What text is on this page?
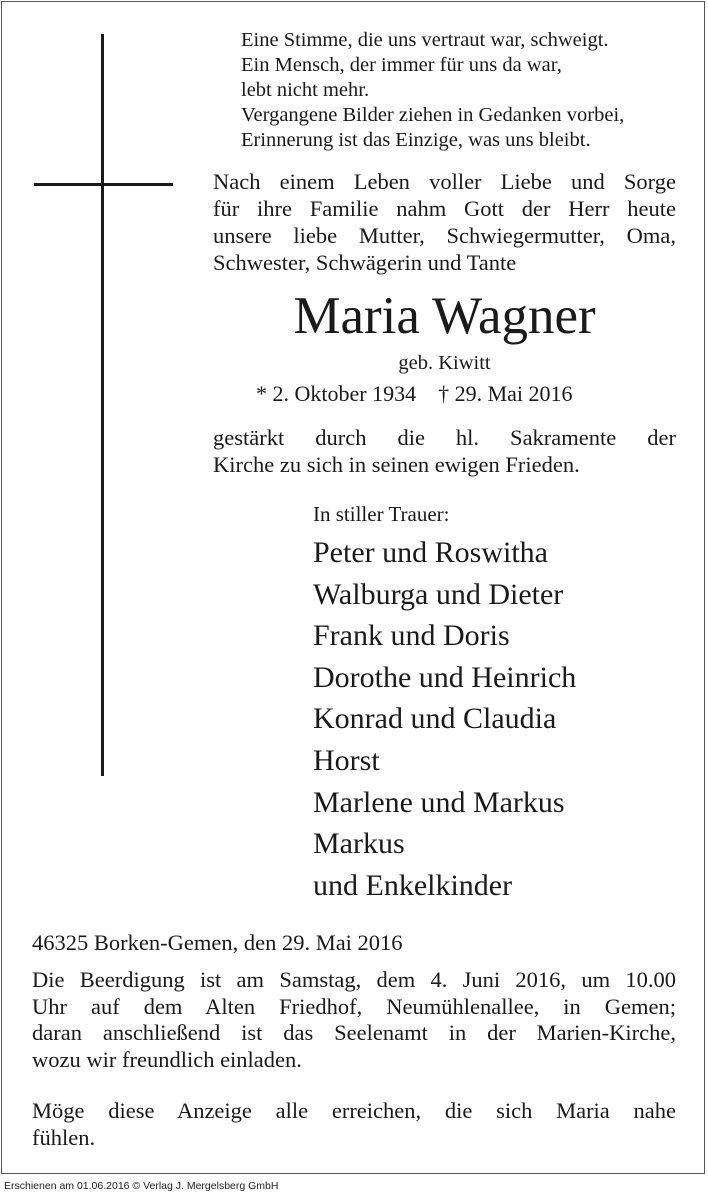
Eine Stimme, die uns vertraut war, schweigt.
Ein Mensch, der immer für uns da war,
lebt nicht mehr.
Vergangene Bilder ziehen in Gedanken vorbei,
Erinnerung ist das Einzige, was uns bleibt.
Nach einem Leben voller Liebe und Sorge
für ihre Familie nahm Gott der Herr heute
unsere liebe Mutter, Schwiegermutter, Oma,
Schwester, Schwägerin und Tante
Maria Wagner
geb. Kiwitt
* 2. Oktober 1934 † 29. Mai 2016
gestärkt durch die hl. Sakramente der
Kirche zu sich in seinen ewigen Frieden.
In stiller Trauer:
Peter und Roswitha
Walburga und Dieter
Frank und Doris
Dorothe und Heinrich
Konrad und Claudia
Horst
Marlene und Markus
Markus
und Enkelkinder
46325 Borken-Gemen, den 29. Mai 2016
Die Beerdigung ist am Samstag, dem 4. Juni 2016, um 10.00
Uhr auf dem Alten Friedhof, Neumühlenallee, in Gemen;
daran anschließend ist das Seelenamt in der Marien-Kirche,
wozu wir freundlich einladen.
Möge diese Anzeige alle erreichen, die sich Maria nahe
fühlen.
Erschienen am 01.06.2016 © Verlag J. Mergelsberg GmbH
